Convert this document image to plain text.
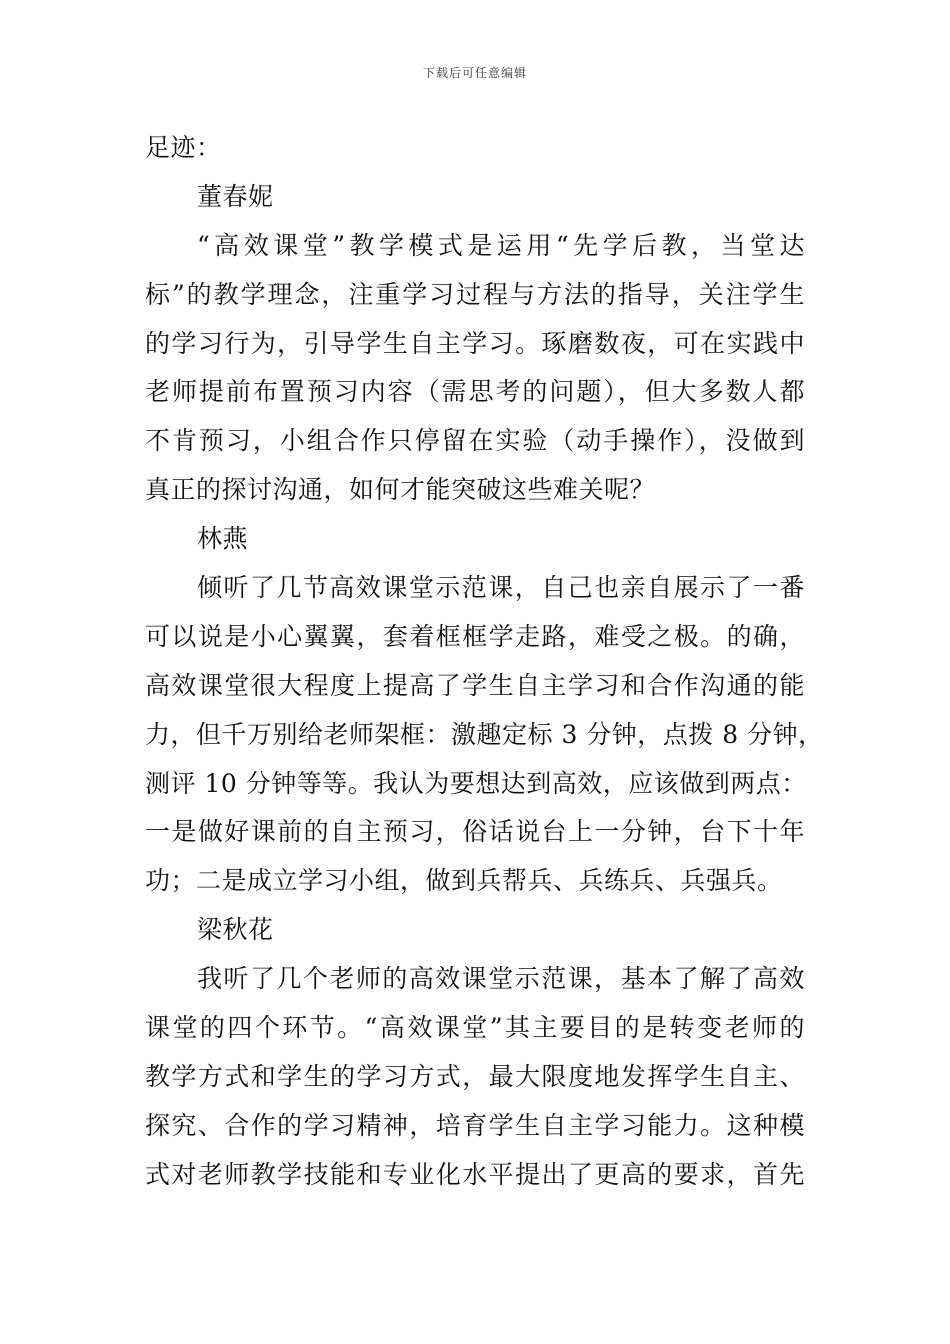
下载后可任意编辑
足迹：
董春妮
“高效课堂”教学模式是运用“先学后教，当堂达
标”的教学理念，注重学习过程与方法的指导，关注学生
的学习行为，引导学生自主学习。琢磨数夜，可在实践中
老师提前布置预习内容（需思考的问题），但大多数人都
不肯预习，小组合作只停留在实验（动手操作），没做到
真正的探讨沟通，如何才能突破这些难关呢？
林燕
倾听了几节高效课堂示范课，自己也亲自展示了一番
可以说是小心翼翼，套着框框学走路，难受之极。的确，
高效课堂很大程度上提高了学生自主学习和合作沟通的能
力，但千万别给老师架框：激趣定标 3 分钟，点拨 8 分钟，
测评 10 分钟等等。我认为要想达到高效，应该做到两点：
一是做好课前的自主预习，俗话说台上一分钟，台下十年
功；二是成立学习小组，做到兵帮兵、兵练兵、兵强兵。
梁秋花
我听了几个老师的高效课堂示范课，基本了解了高效
课堂的四个环节。“高效课堂”其主要目的是转变老师的
教学方式和学生的学习方式，最大限度地发挥学生自主、
探究、合作的学习精神，培育学生自主学习能力。这种模
式对老师教学技能和专业化水平提出了更高的要求，首先
